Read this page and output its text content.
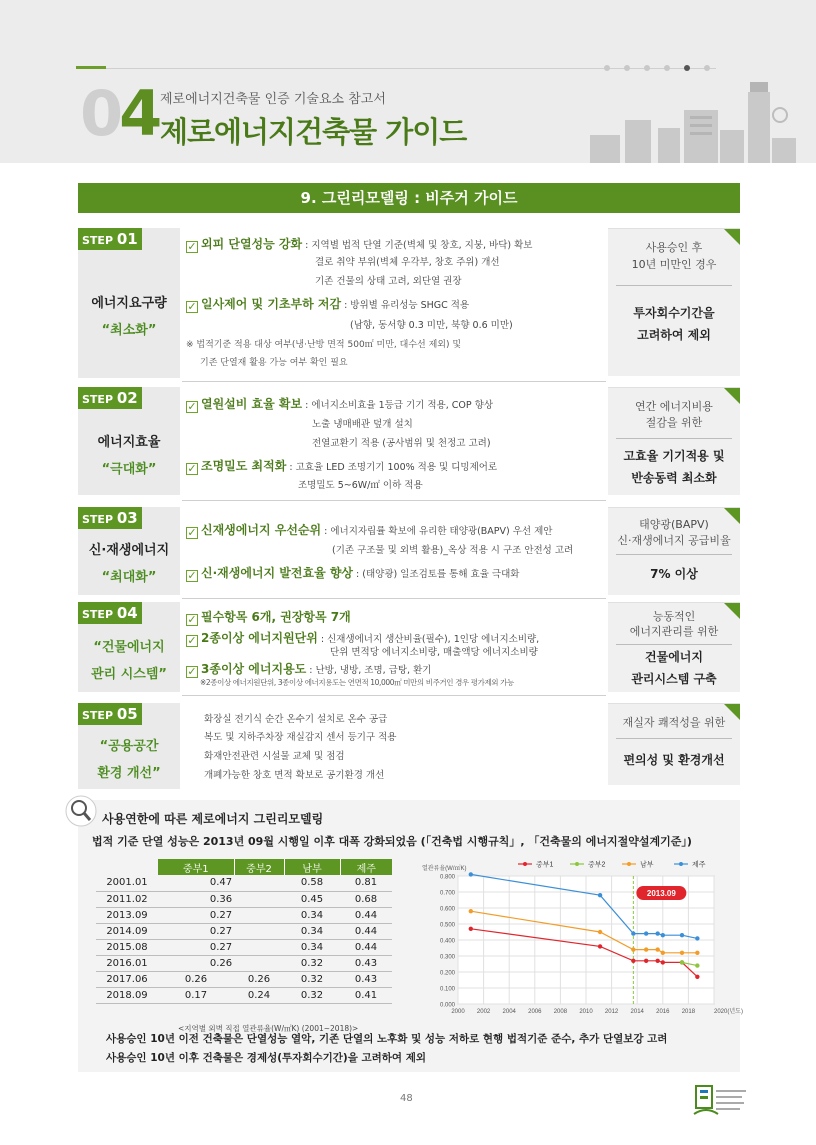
04 제로에너지건축물 인증 기술요소 참고서
제로에너지건축물 가이드
9. 그린리모델링 : 비주거 가이드
STEP 01
에너지요구량
“최소화”
✓ 외피 단열성능 강화 : 지역별 법적 단열 기준(벽체 및 창호, 지붕, 바닥) 확보
결로 취약 부위(벽체 우각부, 창호 주위) 개선
기존 건물의 상태 고려, 외단열 권장
✓ 일사제어 및 기초부하 저감 : 방위별 유리성능 SHGC 적용
(남향, 동서향 0.3 미만, 북향 0.6 미만)
※ 법적기준 적용 대상 여부(냉·난방 면적 500㎡ 미만, 대수선 제외) 및
기존 단열재 활용 가능 여부 확인 필요
사용승인 후
10년 미만인 경우
투자회수기간을
고려하여 제외
STEP 02
에너지효율
“극대화”
✓ 열원설비 효율 확보 : 에너지소비효율 1등급 기기 적용, COP 향상
노출 냉매배관 덮개 설치
전열교환기 적용 (공사범위 및 천정고 고려)
✓ 조명밀도 최적화 : 고효율 LED 조명기기 100% 적용 및 디밍제어로
조명밀도 5~6W/㎡ 이하 적용
연간 에너지비용
절감을 위한
고효율 기기적용 및
반송동력 최소화
STEP 03
신·재생에너지
“최대화”
✓ 신재생에너지 우선순위 : 에너지자립률 확보에 유리한 태양광(BAPV) 우선 제안
(기존 구조물 및 외벽 활용)_옥상 적용 시 구조 안전성 고려
✓ 신·재생에너지 발전효율 향상 : (태양광) 일조검토를 통해 효율 극대화
태양광(BAPV)
신·재생에너지 공급비율
7% 이상
STEP 04
“건물에너지
관리 시스템”
✓ 필수항목 6개, 권장항목 7개
✓ 2종이상 에너지원단위 : 신재생에너지 생산비율(필수), 1인당 에너지소비량,
단위 면적당 에너지소비량, 매출액당 에너지소비량
✓ 3종이상 에너지용도 : 난방, 냉방, 조명, 급탕, 환기
※2종이상 에너지원단위, 3종이상 에너지용도는 연면적 10,000㎡ 미만의 비주거인 경우 평가제외 가능
능동적인
에너지관리를 위한
건물에너지
관리시스템 구축
STEP 05
“공용공간
환경 개선”
화장실 전기식 순간 온수기 설치로 온수 공급
복도 및 지하주차장 재실감지 센서 등기구 적용
화재안전관련 시설물 교체 및 점검
개폐가능한 창호 면적 확보로 공기환경 개선
재실자 쾌적성을 위한
편의성 및 환경개선
사용연한에 따른 제로에너지 그린리모델링
법적 기준 단열 성능은 2013년 09월 시행일 이후 대폭 강화되었음 (「건축법 시행규칙」, 「건축물의 에너지절약설계기준」)
	중부1	중부2	남부	제주
2001.01	0.47		0.58	0.81
2011.02	0.36		0.45	0.68
2013.09	0.27		0.34	0.44
2014.09	0.27		0.34	0.44
2015.08	0.27		0.34	0.44
2016.01	0.26		0.32	0.43
2017.06	0.26	0.26	0.32	0.43
2018.09	0.17	0.24	0.32	0.41
<지역별 외벽 직접 열관류율(W/㎡K) (2001~2018)>
0.000
0.100
0.200
0.300
0.400
0.500
0.600
0.700
0.800
2000 2002 2004 2006 2008 2010 2012 2014 2016 2018	2020(년도)
열관류율(W/㎡K)
2013.09
중부1	중부2	남부	제주
사용승인 10년 이전 건축물은 단열성능 열악, 기존 단열의 노후화 및 성능 저하로 현행 법적기준 준수, 추가 단열보강 고려
사용승인 10년 이후 건축물은 경제성(투자회수기간)을 고려하여 제외
48
